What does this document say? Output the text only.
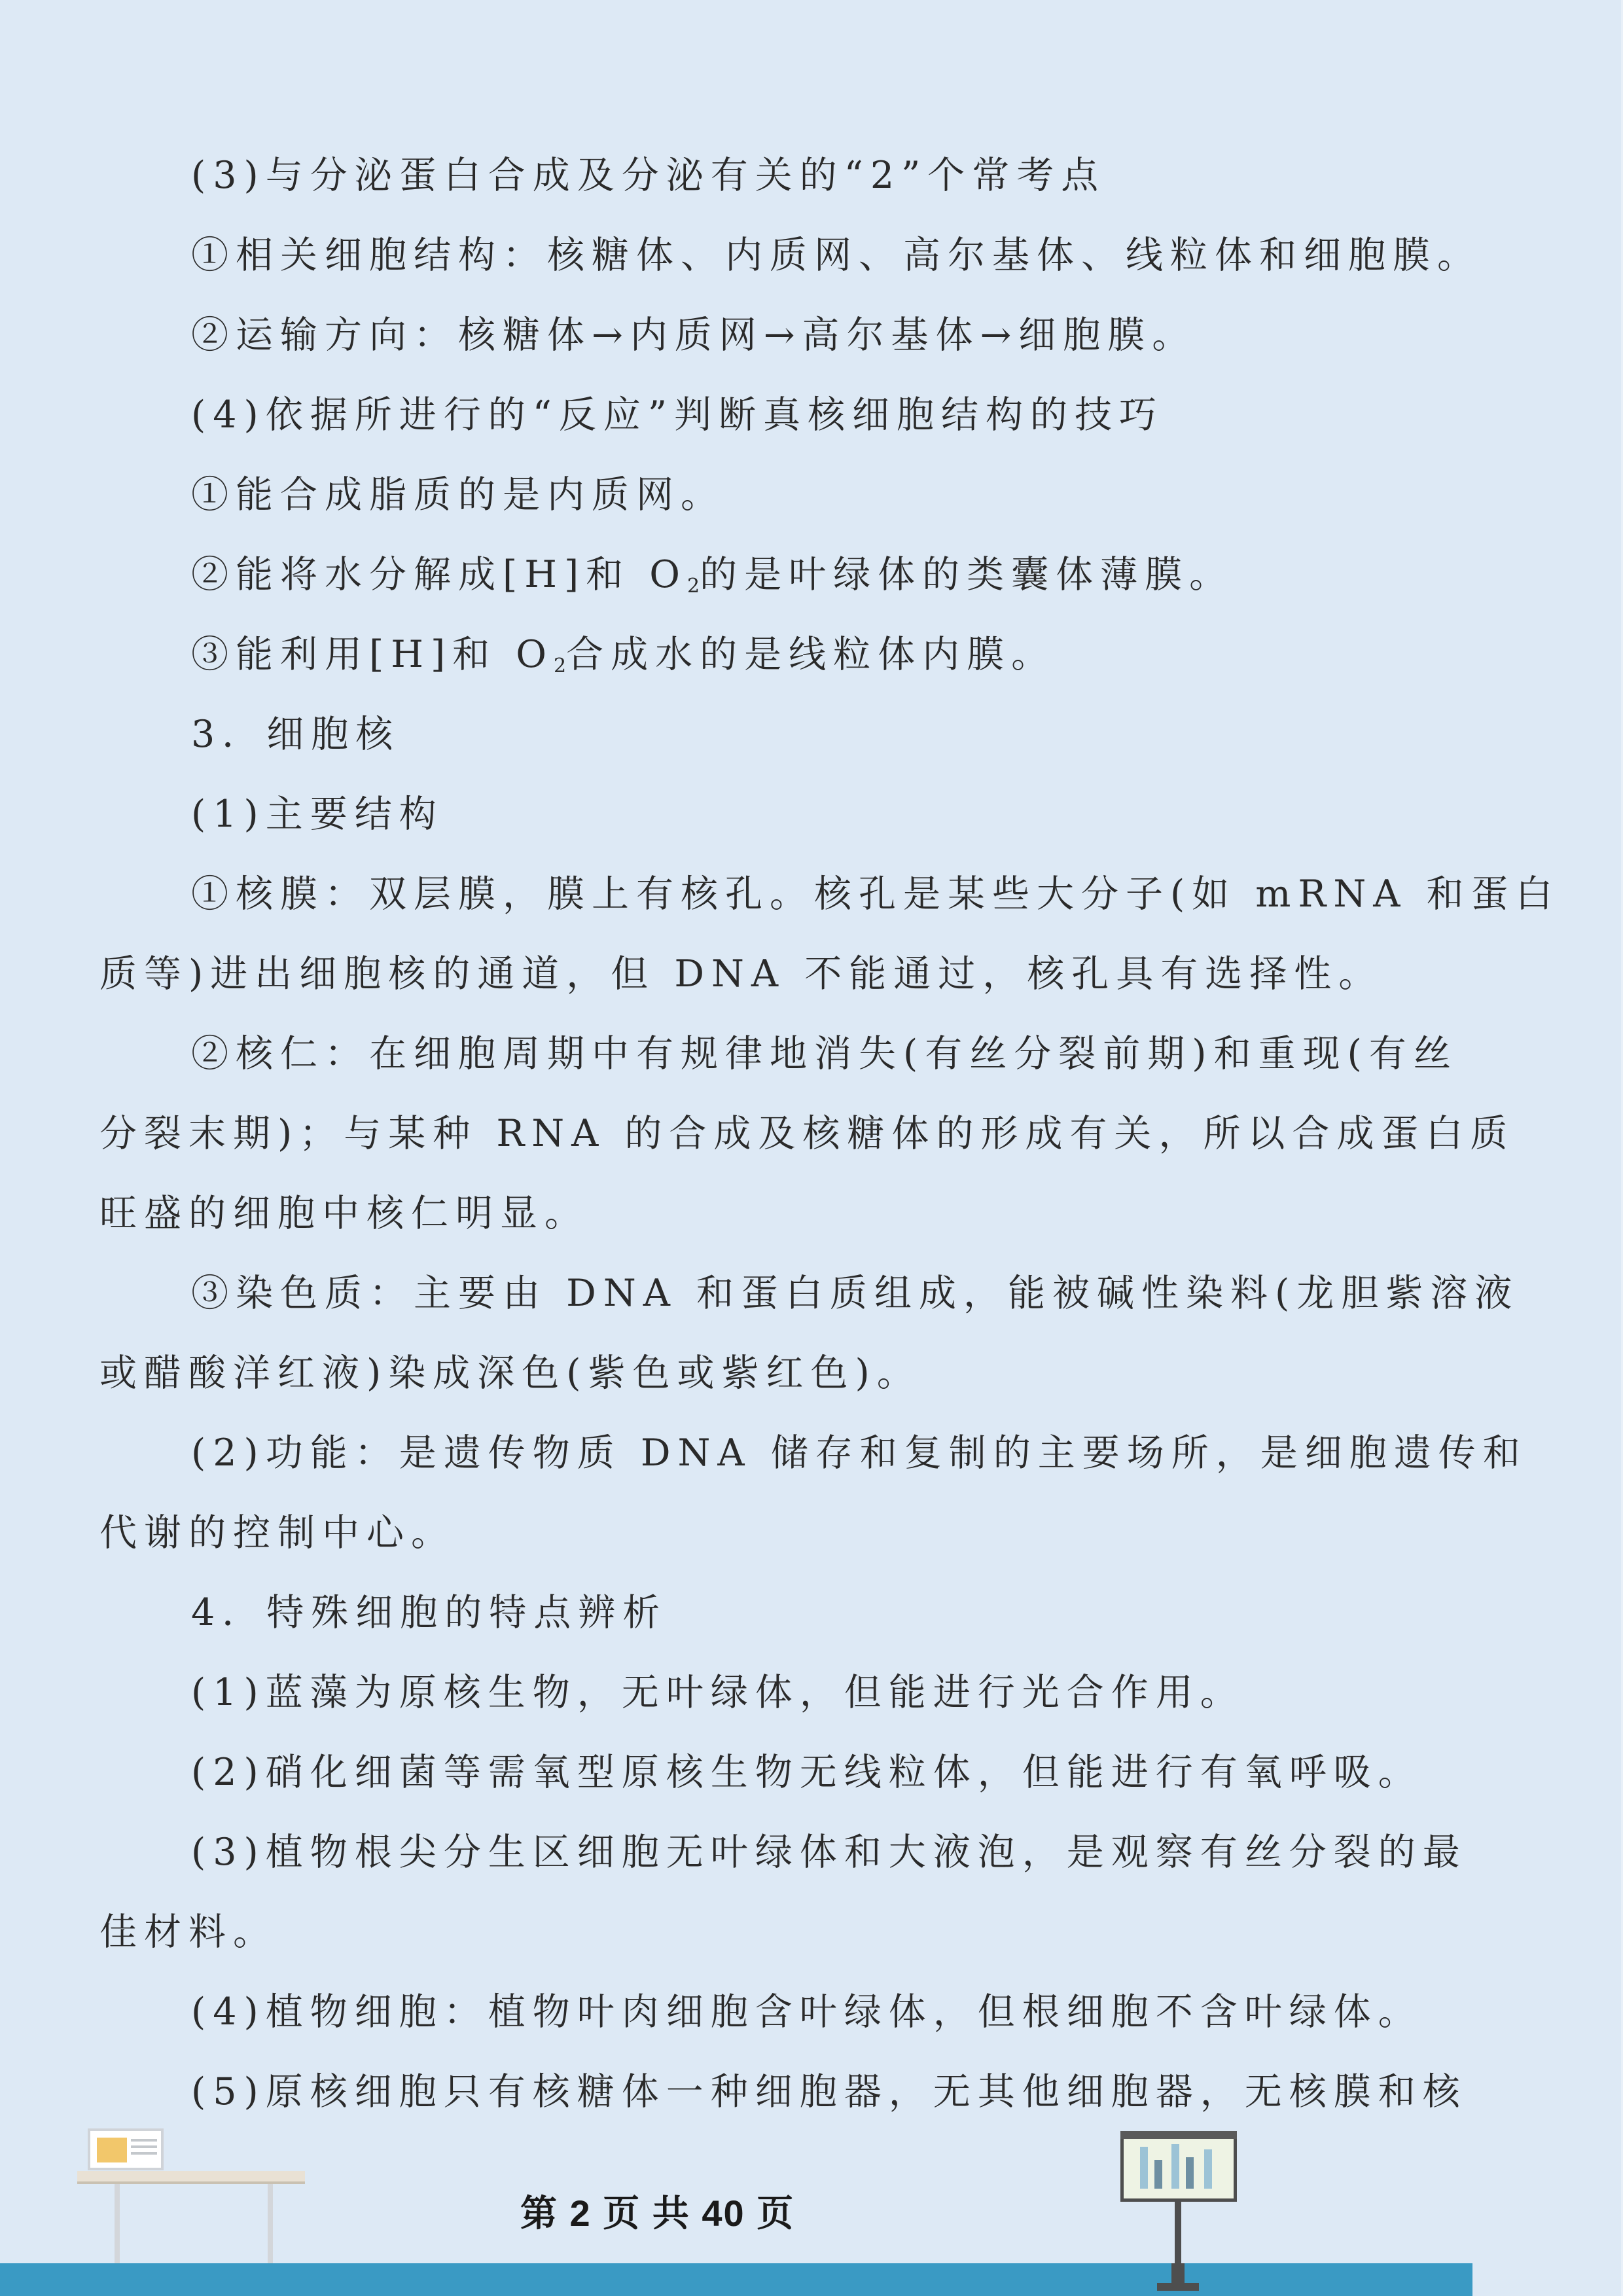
(3)与分泌蛋白合成及分泌有关的“2”个常考点

①相关细胞结构：核糖体、内质网、高尔基体、线粒体和细胞膜。

②运输方向：核糖体→内质网→高尔基体→细胞膜。

(4)依据所进行的“反应”判断真核细胞结构的技巧

①能合成脂质的是内质网。

②能将水分解成[H]和 $O_2$的是叶绿体的类囊体薄膜。

③能利用[H]和 $O_2$合成水的是线粒体内膜。

3．细胞核

(1)主要结构

①核膜：双层膜，膜上有核孔。核孔是某些大分子(如 mRNA 和蛋白

质等)进出细胞核的通道，但 DNA 不能通过，核孔具有选择性。

②核仁：在细胞周期中有规律地消失(有丝分裂前期)和重现(有丝

分裂末期)；与某种 RNA 的合成及核糖体的形成有关，所以合成蛋白质

旺盛的细胞中核仁明显。

③染色质：主要由 DNA 和蛋白质组成，能被碱性染料(龙胆紫溶液

或醋酸洋红液)染成深色(紫色或紫红色)。

(2)功能：是遗传物质 DNA 储存和复制的主要场所，是细胞遗传和

代谢的控制中心。

4．特殊细胞的特点辨析

(1)蓝藻为原核生物，无叶绿体，但能进行光合作用。

(2)硝化细菌等需氧型原核生物无线粒体，但能进行有氧呼吸。

(3)植物根尖分生区细胞无叶绿体和大液泡，是观察有丝分裂的最

佳材料。

(4)植物细胞：植物叶肉细胞含叶绿体，但根细胞不含叶绿体。

(5)原核细胞只有核糖体一种细胞器，无其他细胞器，无核膜和核

第 2 页 共 40 页
